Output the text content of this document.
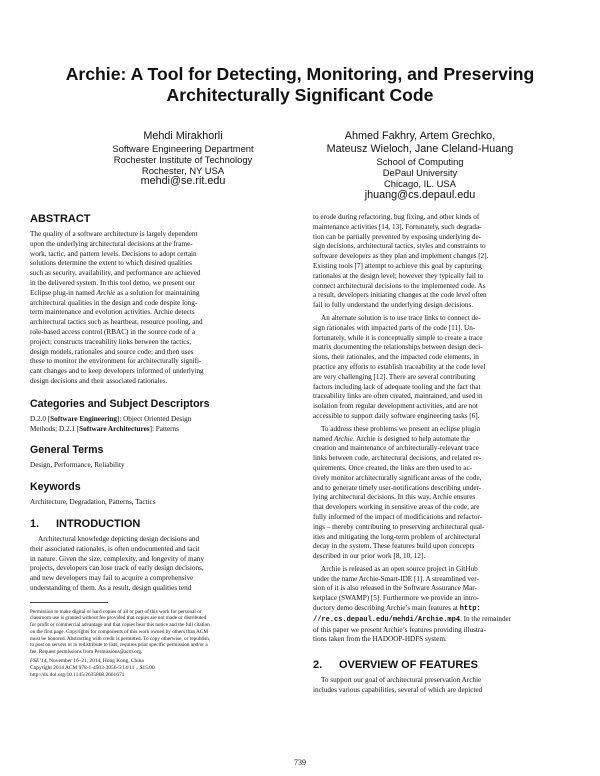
Archie: A Tool for Detecting, Monitoring, and Preserving
Architecturally Significant Code
Mehdi Mirakhorli
Software Engineering Department
Rochester Institute of Technology
Rochester, NY USA
mehdi@se.rit.edu
Ahmed Fakhry, Artem Grechko,
Mateusz Wieloch, Jane Cleland-Huang
School of Computing
DePaul University
Chicago, IL. USA
jhuang@cs.depaul.edu
ABSTRACT
The quality of a software architecture is largely dependent
upon the underlying architectural decisions at the frame-
work, tactic, and pattern levels. Decisions to adopt certain
solutions determine the extent to which desired qualities
such as security, availability, and performance are achieved
in the delivered system. In this tool demo, we present our
Eclipse plug-in named Archie as a solution for maintaining
architectural qualities in the design and code despite long-
term maintenance and evolution activities. Archie detects
architectural tactics such as heartbeat, resource pooling, and
role-based access control (RBAC) in the source code of a
project; constructs traceability links between the tactics,
design models, rationales and source code; and then uses
these to monitor the environment for architecturally signifi-
cant changes and to keep developers informed of underlying
design decisions and their associated rationales.
Categories and Subject Descriptors
D.2.0 [Software Engineering]: Object Oriented Design
Methods; D.2.1 [Software Architectures]: Patterns
General Terms
Design, Performance, Reliability
Keywords
Architecture, Degradation, Patterns, Tactics
1. INTRODUCTION
Architectural knowledge depicting design decisions and
their associated rationales, is often undocumented and tacit
in nature. Given the size, complexity, and longevity of many
projects, developers can lose track of early design decisions,
and new developers may fail to acquire a comprehensive
understanding of them. As a result, design qualities tend
Permission to make digital or hard copies of all or part of this work for personal or
classroom use is granted without fee provided that copies are not made or distributed
for profit or commercial advantage and that copies bear this notice and the full citation
on the first page. Copyrights for components of this work owned by others than ACM
must be honored. Abstracting with credit is permitted. To copy otherwise, or republish,
to post on servers or to redistribute to lists, requires prior specific permission and/or a
fee. Request permissions from Permissions@acm.org.
FSE’14, November 16–21, 2014, Hong Kong, China
Copyright 2014 ACM 978-1-4503-3056-5/14/11 ...$15.00
http://dx.doi.org/10.1145/2635868.2661671
to erode during refactoring, bug fixing, and other kinds of
maintenance activities [14, 13]. Fortunately, such degrada-
tion can be partially prevented by exposing underlying de-
sign decisions, architectural tactics, styles and constraints to
software developers as they plan and implement changes [2].
Existing tools [7] attempt to achieve this goal by capturing
rationales at the design level; however they typically fail to
connect architectural decisions to the implemented code. As
a result, developers initiating changes at the code level often
fail to fully understand the underlying design decisions.
An alternate solution is to use trace links to connect de-
sign rationales with impacted parts of the code [11]. Un-
fortunately, while it is conceptually simple to create a trace
matrix documenting the relationships between design deci-
sions, their rationales, and the impacted code elements, in
practice any efforts to establish traceability at the code level
are very challenging [12]. There are several contributing
factors including lack of adequate tooling and the fact that
traceability links are often created, maintained, and used in
isolation from regular development activities, and are not
accessible to support daily software engineering tasks [6].
To address these problems we present an eclipse plugin
named Archie. Archie is designed to help automate the
creation and maintenance of architecturally-relevant trace
links between code, architectural decisions, and related re-
quirements. Once created, the links are then used to ac-
tively monitor architecturally significant areas of the code,
and to generate timely user-notifications describing under-
lying architectural decisions. In this way, Archie ensures
that developers working in sensitive areas of the code, are
fully informed of the impact of modifications and refactor-
ings – thereby contributing to preserving architectural qual-
ities and mitigating the long-term problem of architectural
decay in the system. These features build upon concepts
described in our prior work [8, 10, 12].
Archie is released as an open source project in GitHub
under the name Archie-Smart-IDE [1]. A streamlined ver-
sion of it is also released in the Software Assurance Mar-
ketplace (SWAMP) [5]. Furthermore we provide an intro-
ductory demo describing Archie’s main features at http:
//re.cs.depaul.edu/mehdi/Archie.mp4. In the remainder
of this paper we present Archie’s features providing illustra-
tions taken from the HADOOP-HDFS system.
2. OVERVIEW OF FEATURES
To support our goal of architectural preservation Archie
includes various capabilities, several of which are depicted
739
